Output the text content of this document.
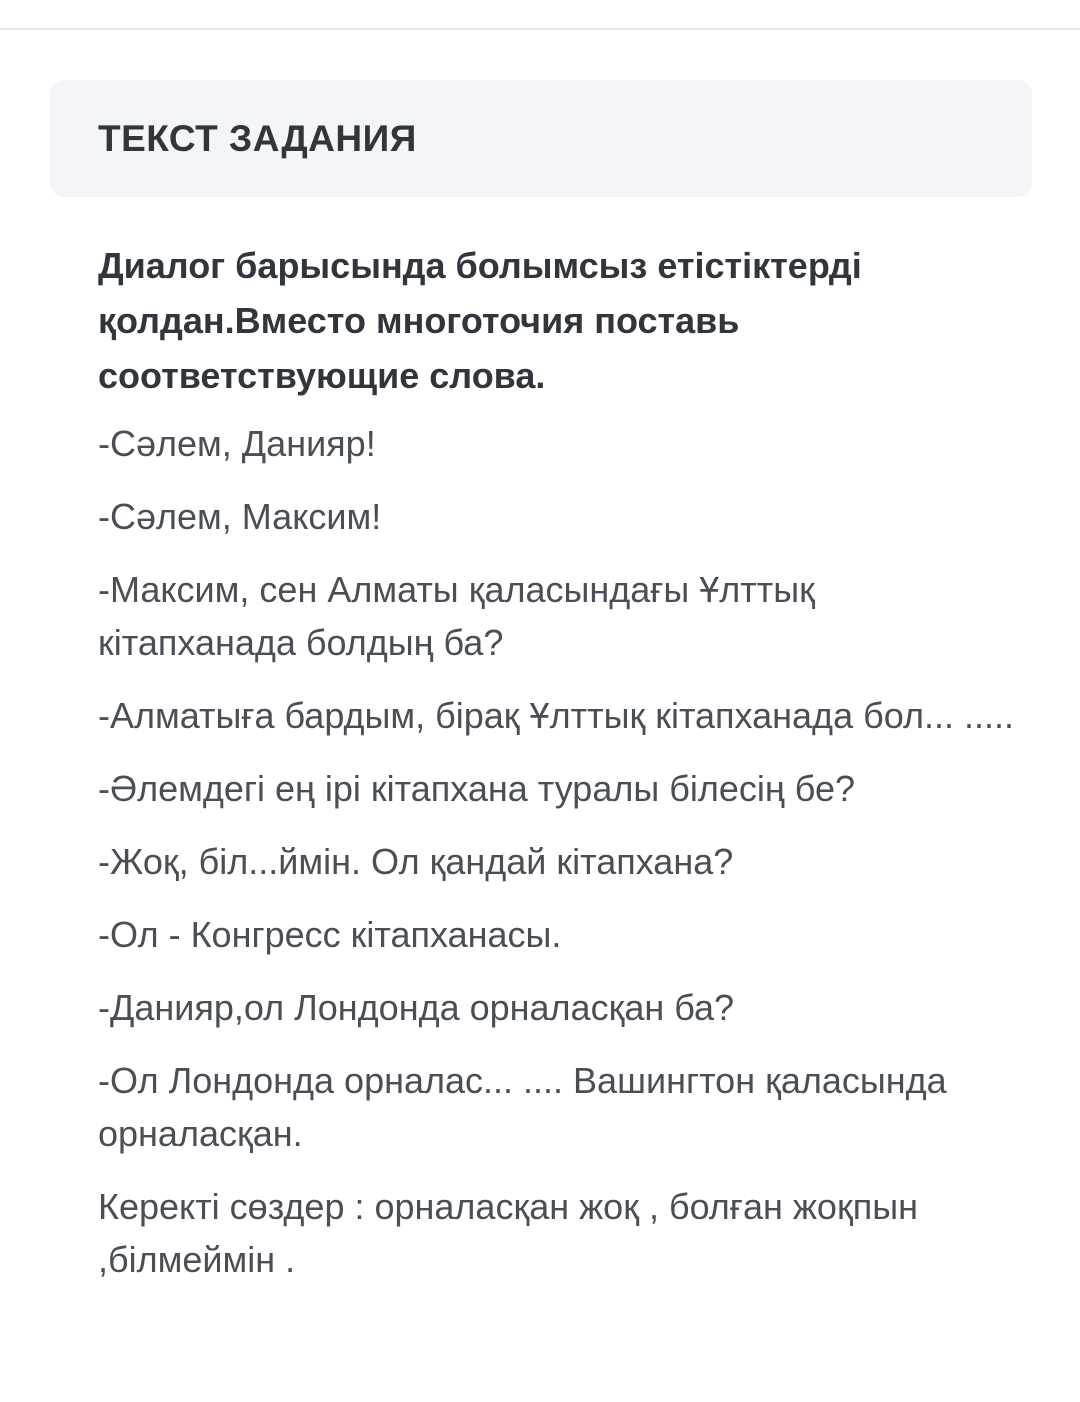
ТЕКСТ ЗАДАНИЯ

Диалог барысында болымсыз етістіктерді қолдан.Вместо многоточия поставь соответствующие слова.

-Сәлем, Данияр!

-Сәлем, Максим!

-Максим, сен Алматы қаласындағы Ұлттық кітапханада болдың ба?

-Алматыға бардым, бірақ Ұлттық кітапханада бол... .....

-Әлемдегі ең ірі кітапхана туралы білесің бе?

-Жоқ, біл...ймін. Ол қандай кітапхана?

-Ол - Конгресс кітапханасы.

-Данияр,ол Лондонда орналасқан ба?

-Ол Лондонда орналас... .... Вашингтон қаласында орналасқан.

Керекті сөздер : орналасқан жоқ , болған жоқпын ,білмеймін .
